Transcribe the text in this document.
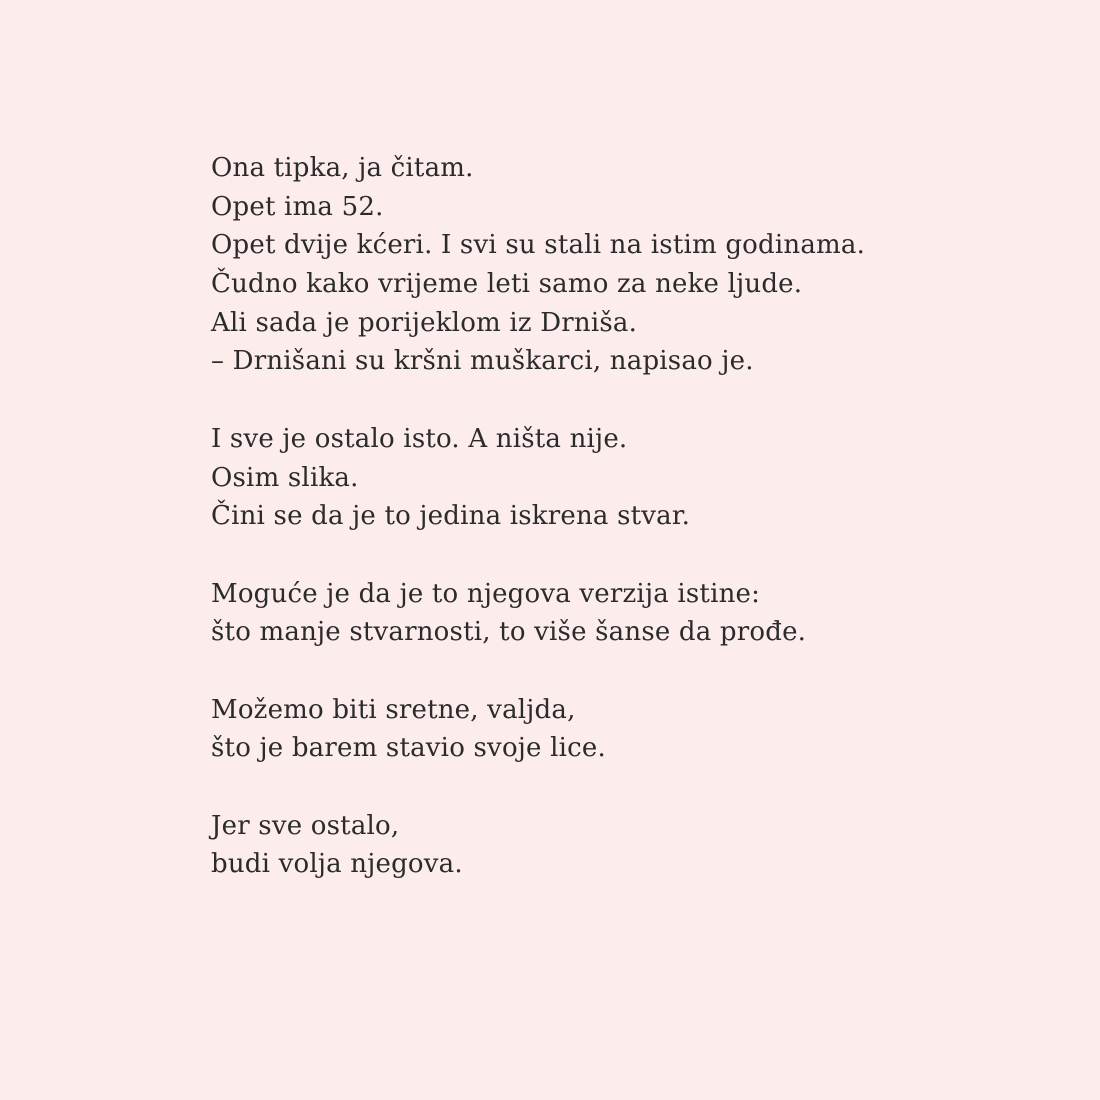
Ona tipka, ja čitam.
Opet ima 52.
Opet dvije kćeri. I svi su stali na istim godinama.
Čudno kako vrijeme leti samo za neke ljude.
Ali sada je porijeklom iz Drniša.
– Drnišani su kršni muškarci, napisao je.
I sve je ostalo isto. A ništa nije.
Osim slika.
Čini se da je to jedina iskrena stvar.
Moguće je da je to njegova verzija istine:
što manje stvarnosti, to više šanse da prođe.
Možemo biti sretne, valjda,
što je barem stavio svoje lice.
Jer sve ostalo,
budi volja njegova.
